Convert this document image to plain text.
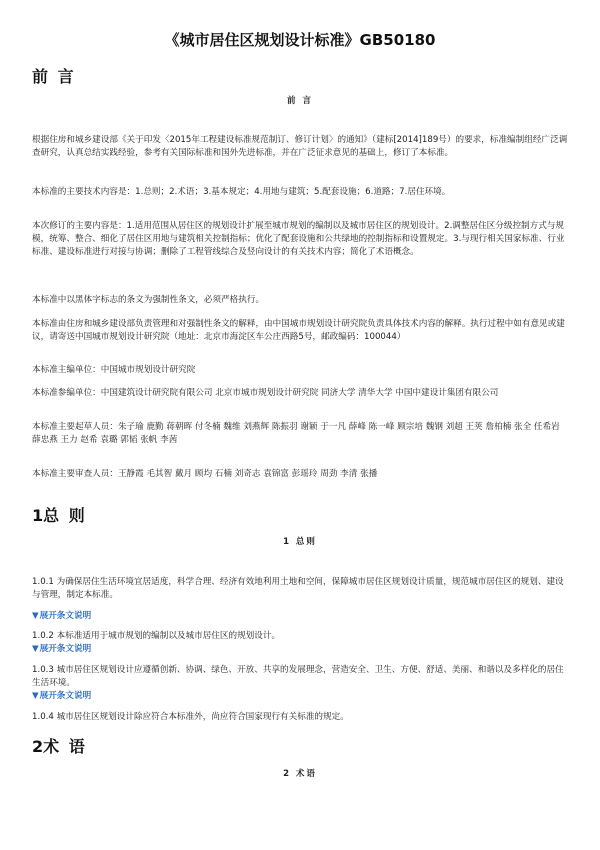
《城市居住区规划设计标准》GB50180
前 言
前 言

根据住房和城乡建设部《关于印发〈2015年工程建设标准规范制订、修订计划〉的通知》（建标[2014]189号）的要求，标准编制组经广泛调查研究，认真总结实践经验，参考有关国际标准和国外先进标准，并在广泛征求意见的基础上，修订了本标准。

本标准的主要技术内容是：1.总则；2.术语；3.基本规定；4.用地与建筑；5.配套设施；6.道路；7.居住环境。

本次修订的主要内容是：1.适用范围从居住区的规划设计扩展至城市规划的编制以及城市居住区的规划设计。2.调整居住区分级控制方式与规模，统筹、整合、细化了居住区用地与建筑相关控制指标；优化了配套设施和公共绿地的控制指标和设置规定。3.与现行相关国家标准、行业标准、建设标准进行对接与协调；删除了工程管线综合及竖向设计的有关技术内容；简化了术语概念。

本标准中以黑体字标志的条文为强制性条文，必须严格执行。

本标准由住房和城乡建设部负责管理和对强制性条文的解释，由中国城市规划设计研究院负责具体技术内容的解释。执行过程中如有意见或建议，请寄送中国城市规划设计研究院（地址：北京市海淀区车公庄西路5号，邮政编码：100044）

本标准主编单位：中国城市规划设计研究院

本标准参编单位：中国建筑设计研究院有限公司 北京市城市规划设计研究院 同济大学 清华大学 中国中建设计集团有限公司

本标准主要起草人员：朱子瑜 鹿勤 蒋朝晖 付冬楠 魏维 刘燕辉 陈振羽 谢颖 于一凡 薛峰 陈一峰 顾宗培 魏钢 刘超 王荚 詹柏楠 张全 任希岩 薛忠燕 王力 赵希 袁璐 郭韬 张帆 李茜

本标准主要审查人员：王静霞 毛其智 戴月 顾均 石楠 刘奇志 袁锦富 彭瑶玲 周劲 李清 张播

1总 则
1 总则

1.0.1 为确保居住生活环境宜居适度，科学合理、经济有效地利用土地和空间，保障城市居住区规划设计质量，规范城市居住区的规划、建设与管理，制定本标准。

▼展开条文说明

1.0.2 本标准适用于城市规划的编制以及城市居住区的规划设计。

▼展开条文说明

1.0.3 城市居住区规划设计应遵循创新、协调、绿色、开放、共享的发展理念，营造安全、卫生、方便、舒适、美丽、和谐以及多样化的居住生活环境。

▼展开条文说明

1.0.4 城市居住区规划设计除应符合本标准外，尚应符合国家现行有关标准的规定。

2术 语
2 术语
